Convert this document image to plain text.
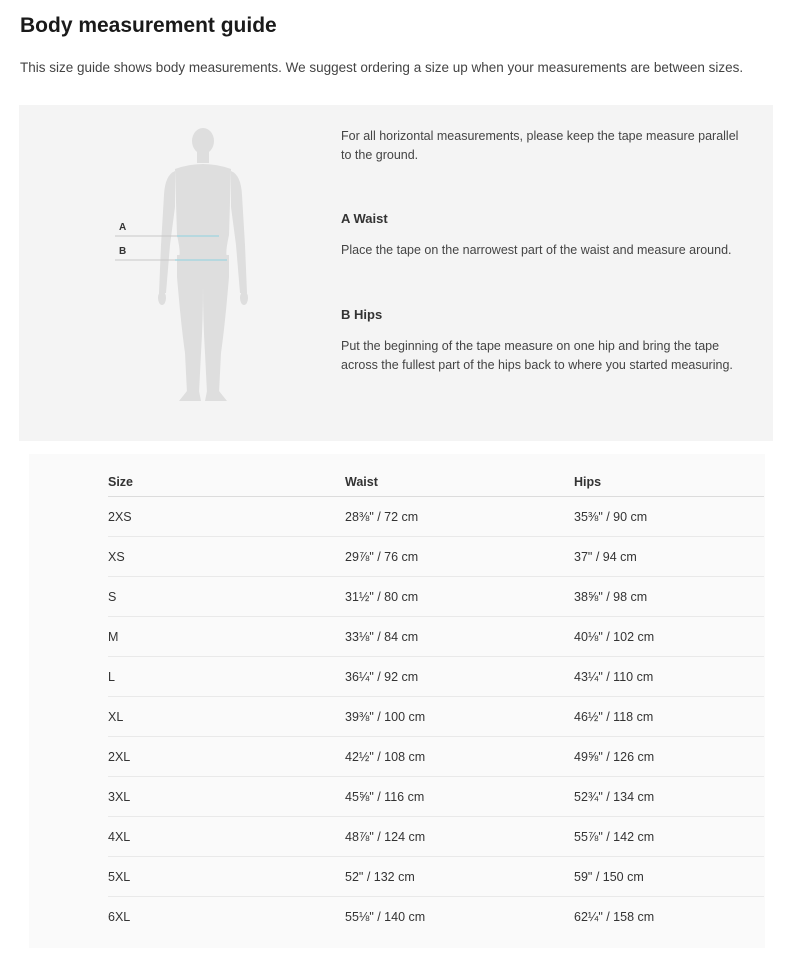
Body measurement guide

This size guide shows body measurements. We suggest ordering a size up when your measurements are between sizes.

A
B

For all horizontal measurements, please keep the tape measure parallel to the ground.

A Waist

Place the tape on the narrowest part of the waist and measure around.

B Hips

Put the beginning of the tape measure on one hip and bring the tape across the fullest part of the hips back to where you started measuring.

Size	Waist	Hips
2XS	28⅜" / 72 cm	35⅜" / 90 cm
XS	29⅞" / 76 cm	37" / 94 cm
S	31½" / 80 cm	38⅝" / 98 cm
M	33⅛" / 84 cm	40⅛" / 102 cm
L	36¼" / 92 cm	43¼" / 110 cm
XL	39⅜" / 100 cm	46½" / 118 cm
2XL	42½" / 108 cm	49⅝" / 126 cm
3XL	45⅝" / 116 cm	52¾" / 134 cm
4XL	48⅞" / 124 cm	55⅞" / 142 cm
5XL	52" / 132 cm	59" / 150 cm
6XL	55⅛" / 140 cm	62¼" / 158 cm
